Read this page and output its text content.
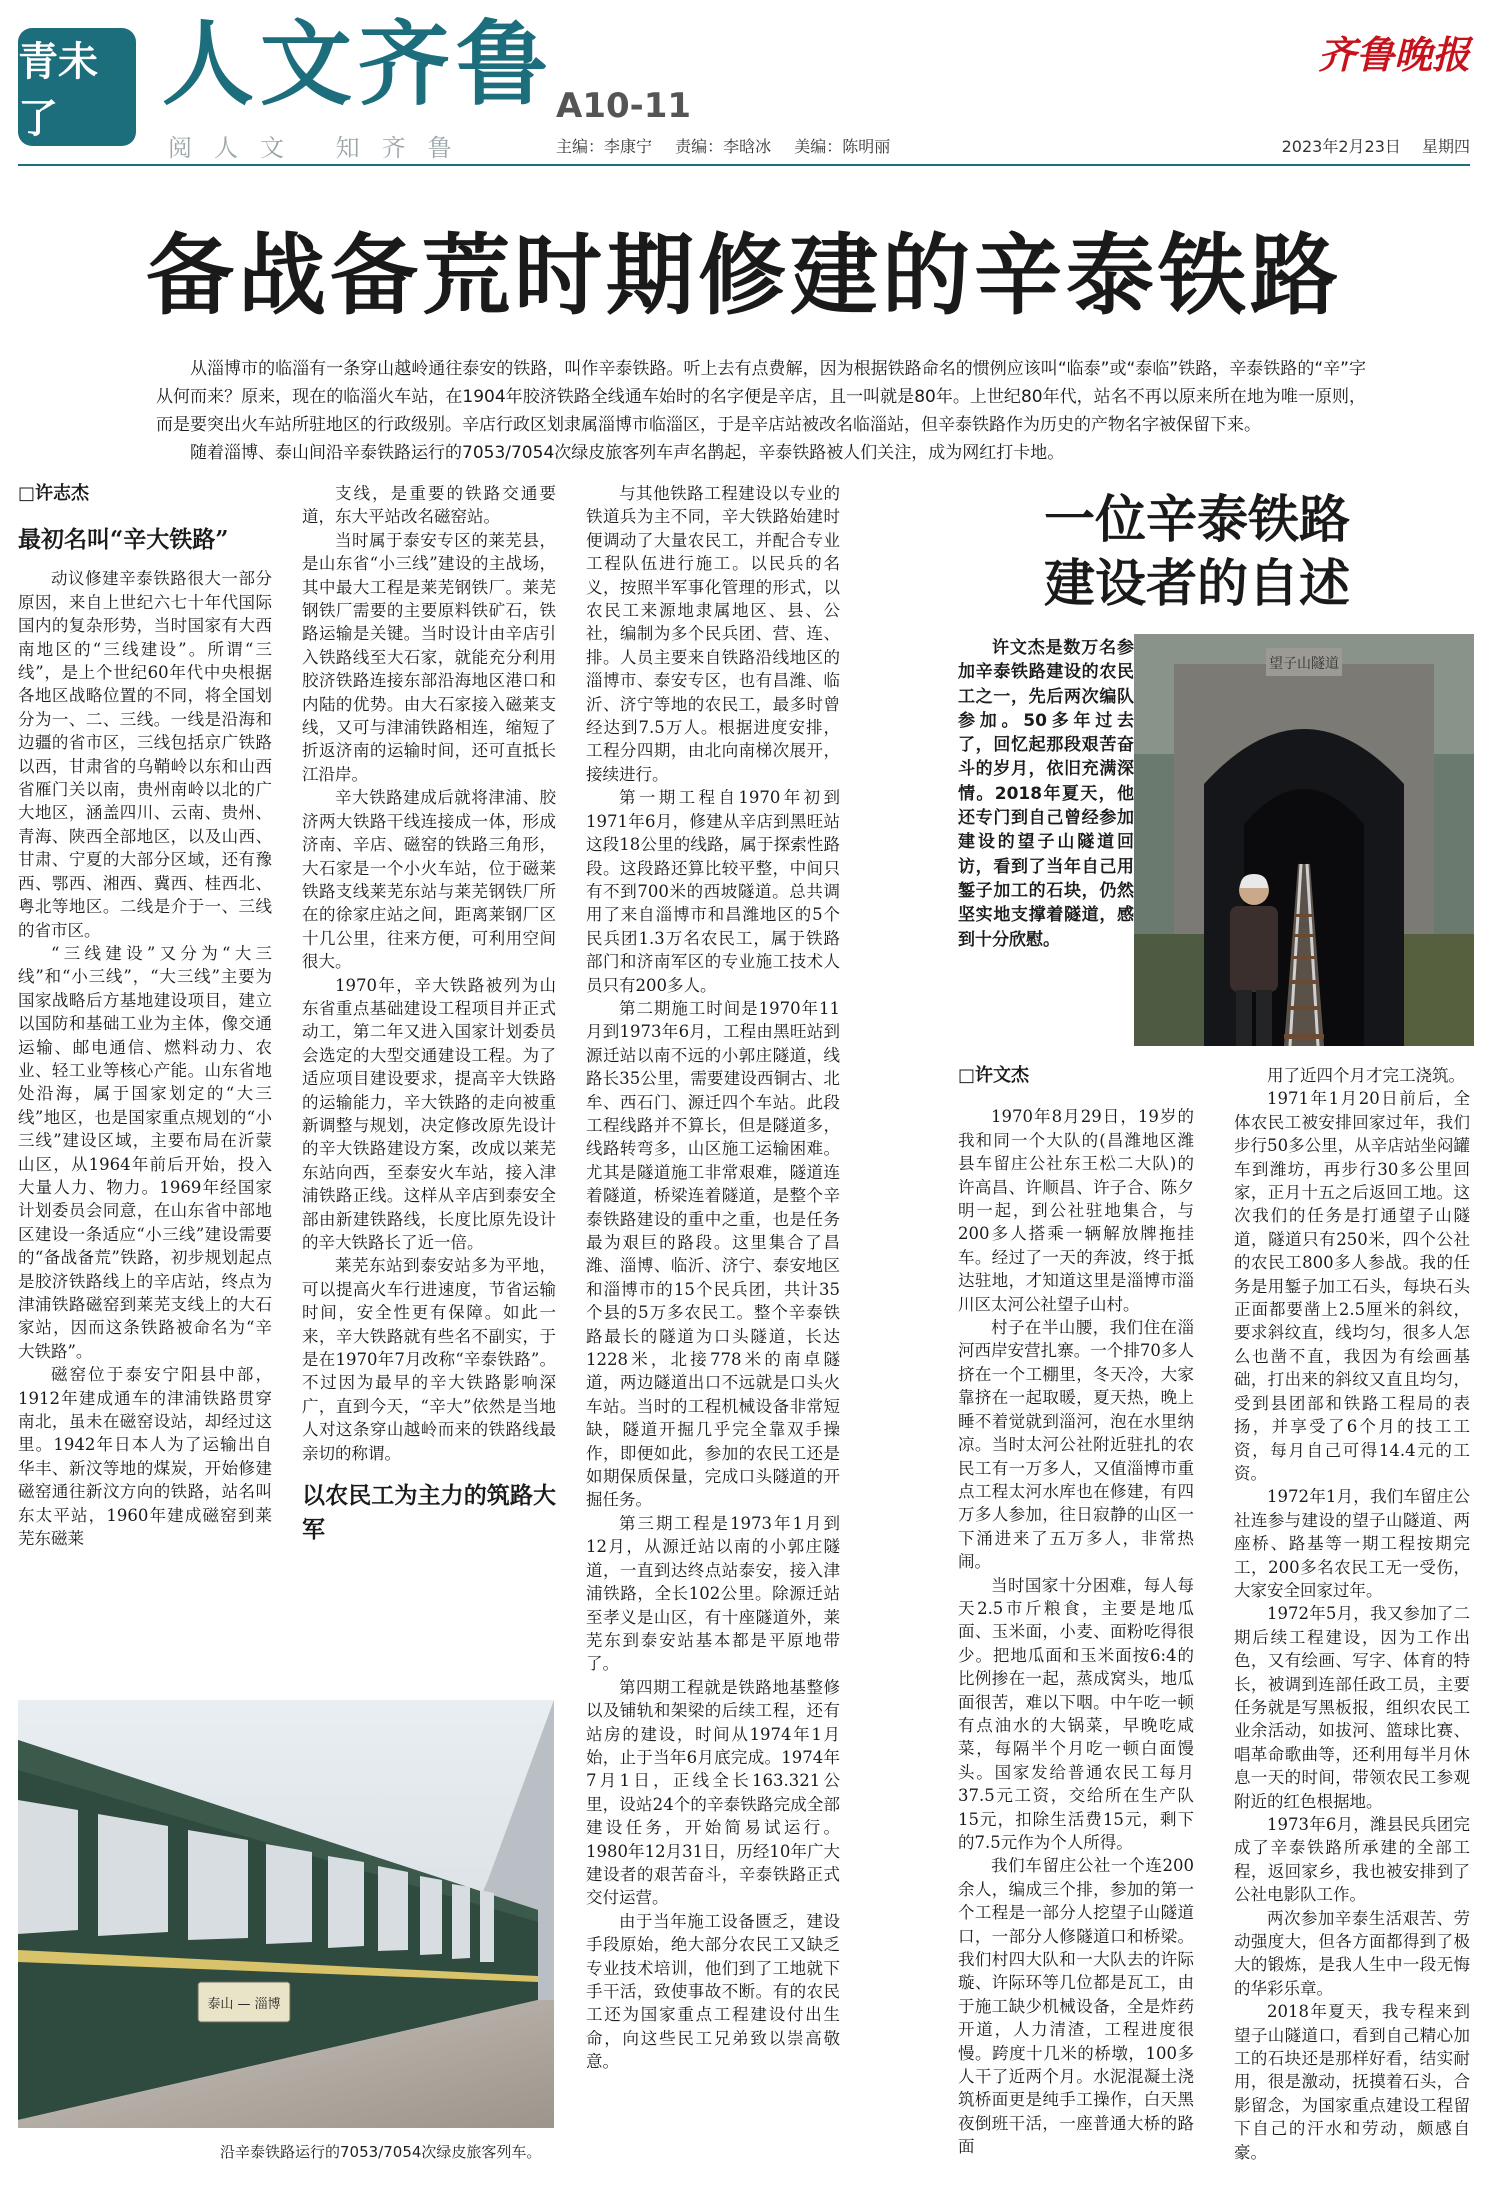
青未了
人文齐鲁
阅人文 知齐鲁
A10-11
主编：李康宁 责编：李晗冰 美编：陈明丽
齐鲁晚报
2023年2月23日 星期四
备战备荒时期修建的辛泰铁路

从淄博市的临淄有一条穿山越岭通往泰安的铁路，叫作辛泰铁路。听上去有点费解，因为根据铁路命名的惯例应该叫“临泰”或“泰临”铁路，辛泰铁路的“辛”字从何而来？原来，现在的临淄火车站，在1904年胶济铁路全线通车始时的名字便是辛店，且一叫就是80年。上世纪80年代，站名不再以原来所在地为唯一原则，而是要突出火车站所驻地区的行政级别。辛店行政区划隶属淄博市临淄区，于是辛店站被改名临淄站，但辛泰铁路作为历史的产物名字被保留下来。

随着淄博、泰山间沿辛泰铁路运行的7053/7054次绿皮旅客列车声名鹊起，辛泰铁路被人们关注，成为网红打卡地。

□许志杰
最初名叫“辛大铁路”

动议修建辛泰铁路很大一部分原因，来自上世纪六七十年代国际国内的复杂形势，当时国家有大西南地区的“三线建设”。所谓“三线”，是上个世纪60年代中央根据各地区战略位置的不同，将全国划分为一、二、三线。一线是沿海和边疆的省市区，三线包括京广铁路以西，甘肃省的乌鞘岭以东和山西省雁门关以南，贵州南岭以北的广大地区，涵盖四川、云南、贵州、青海、陕西全部地区，以及山西、甘肃、宁夏的大部分区域，还有豫西、鄂西、湘西、冀西、桂西北、粤北等地区。二线是介于一、三线的省市区。

“三线建设”又分为“大三线”和“小三线”，“大三线”主要为国家战略后方基地建设项目，建立以国防和基础工业为主体，像交通运输、邮电通信、燃料动力、农业、轻工业等核心产能。山东省地处沿海，属于国家划定的“大三线”地区，也是国家重点规划的“小三线”建设区域，主要布局在沂蒙山区，从1964年前后开始，投入大量人力、物力。1969年经国家计划委员会同意，在山东省中部地区建设一条适应“小三线”建设需要的“备战备荒”铁路，初步规划起点是胶济铁路线上的辛店站，终点为津浦铁路磁窑到莱芜支线上的大石家站，因而这条铁路被命名为“辛大铁路”。

磁窑位于泰安宁阳县中部，1912年建成通车的津浦铁路贯穿南北，虽未在磁窑设站，却经过这里。1942年日本人为了运输出自华丰、新汶等地的煤炭，开始修建磁窑通往新汶方向的铁路，站名叫东太平站，1960年建成磁窑到莱芜东磁莱

支线，是重要的铁路交通要道，东大平站改名磁窑站。

当时属于泰安专区的莱芜县，是山东省“小三线”建设的主战场，其中最大工程是莱芜钢铁厂。莱芜钢铁厂需要的主要原料铁矿石，铁路运输是关键。当时设计由辛店引入铁路线至大石家，就能充分利用胶济铁路连接东部沿海地区港口和内陆的优势。由大石家接入磁莱支线，又可与津浦铁路相连，缩短了折返济南的运输时间，还可直抵长江沿岸。

辛大铁路建成后就将津浦、胶济两大铁路干线连接成一体，形成济南、辛店、磁窑的铁路三角形，大石家是一个小火车站，位于磁莱铁路支线莱芜东站与莱芜钢铁厂所在的徐家庄站之间，距离莱钢厂区十几公里，往来方便，可利用空间很大。

1970年，辛大铁路被列为山东省重点基础建设工程项目并正式动工，第二年又进入国家计划委员会选定的大型交通建设工程。为了适应项目建设要求，提高辛大铁路的运输能力，辛大铁路的走向被重新调整与规划，决定修改原先设计的辛大铁路建设方案，改成以莱芜东站向西，至泰安火车站，接入津浦铁路正线。这样从辛店到泰安全部由新建铁路线，长度比原先设计的辛大铁路长了近一倍。

莱芜东站到泰安站多为平地，可以提高火车行进速度，节省运输时间，安全性更有保障。如此一来，辛大铁路就有些名不副实，于是在1970年7月改称“辛泰铁路”。不过因为最早的辛大铁路影响深广，直到今天，“辛大”依然是当地人对这条穿山越岭而来的铁路线最亲切的称谓。

以农民工为主力的筑路大军

与其他铁路工程建设以专业的铁道兵为主不同，辛大铁路始建时便调动了大量农民工，并配合专业工程队伍进行施工。以民兵的名义，按照半军事化管理的形式，以农民工来源地隶属地区、县、公社，编制为多个民兵团、营、连、排。人员主要来自铁路沿线地区的淄博市、泰安专区，也有昌潍、临沂、济宁等地的农民工，最多时曾经达到7.5万人。根据进度安排，工程分四期，由北向南梯次展开，接续进行。

第一期工程自1970年初到1971年6月，修建从辛店到黑旺站这段18公里的线路，属于探索性路段。这段路还算比较平整，中间只有不到700米的西坡隧道。总共调用了来自淄博市和昌潍地区的5个民兵团1.3万名农民工，属于铁路部门和济南军区的专业施工技术人员只有200多人。

第二期施工时间是1970年11月到1973年6月，工程由黑旺站到源迁站以南不远的小郭庄隧道，线路长35公里，需要建设西铜古、北牟、西石门、源迁四个车站。此段工程线路并不算长，但是隧道多，线路转弯多，山区施工运输困难。尤其是隧道施工非常艰难，隧道连着隧道，桥梁连着隧道，是整个辛泰铁路建设的重中之重，也是任务最为艰巨的路段。这里集合了昌潍、淄博、临沂、济宁、泰安地区和淄博市的15个民兵团，共计35个县的5万多农民工。整个辛泰铁路最长的隧道为口头隧道，长达1228米，北接778米的南卓隧道，两边隧道出口不远就是口头火车站。当时的工程机械设备非常短缺，隧道开掘几乎完全靠双手操作，即便如此，参加的农民工还是如期保质保量，完成口头隧道的开掘任务。

第三期工程是1973年1月到12月，从源迁站以南的小郭庄隧道，一直到达终点站泰安，接入津浦铁路，全长102公里。除源迁站至孝义是山区，有十座隧道外，莱芜东到泰安站基本都是平原地带了。

第四期工程就是铁路地基整修以及铺轨和架梁的后续工程，还有站房的建设，时间从1974年1月始，止于当年6月底完成。1974年7月1日，正线全长163.321公里，设站24个的辛泰铁路完成全部建设任务，开始简易试运行。1980年12月31日，历经10年广大建设者的艰苦奋斗，辛泰铁路正式交付运营。

由于当年施工设备匮乏，建设手段原始，绝大部分农民工又缺乏专业技术培训，他们到了工地就下手干活，致使事故不断。有的农民工还为国家重点工程建设付出生命，向这些民工兄弟致以崇高敬意。

泰山 — 淄博
沿辛泰铁路运行的7053/7054次绿皮旅客列车。
一位辛泰铁路
建设者的自述

许文杰是数万名参加辛泰铁路建设的农民工之一，先后两次编队参加。50多年过去了，回忆起那段艰苦奋斗的岁月，依旧充满深情。2018年夏天，他还专门到自己曾经参加建设的望子山隧道回访，看到了当年自己用錾子加工的石块，仍然坚实地支撑着隧道，感到十分欣慰。

望子山隧道
□许文杰

1970年8月29日，19岁的我和同一个大队的(昌潍地区潍县车留庄公社东王松二大队)的许高昌、许顺昌、许子合、陈夕明一起，到公社驻地集合，与200多人搭乘一辆解放牌拖挂车。经过了一天的奔波，终于抵达驻地，才知道这里是淄博市淄川区太河公社望子山村。

村子在半山腰，我们住在淄河西岸安营扎寨。一个排70多人挤在一个工棚里，冬天冷，大家靠挤在一起取暖，夏天热，晚上睡不着觉就到淄河，泡在水里纳凉。当时太河公社附近驻扎的农民工有一万多人，又值淄博市重点工程太河水库也在修建，有四万多人参加，往日寂静的山区一下涌进来了五万多人，非常热闹。

当时国家十分困难，每人每天2.5市斤粮食，主要是地瓜面、玉米面，小麦、面粉吃得很少。把地瓜面和玉米面按6:4的比例掺在一起，蒸成窝头，地瓜面很苦，难以下咽。中午吃一顿有点油水的大锅菜，早晚吃咸菜，每隔半个月吃一顿白面馒头。国家发给普通农民工每月37.5元工资，交给所在生产队15元，扣除生活费15元，剩下的7.5元作为个人所得。

我们车留庄公社一个连200余人，编成三个排，参加的第一个工程是一部分人挖望子山隧道口，一部分人修隧道口和桥梁。我们村四大队和一大队去的许际璇、许际环等几位都是瓦工，由于施工缺少机械设备，全是炸药开道，人力清渣，工程进度很慢。跨度十几米的桥墩，100多人干了近两个月。水泥混凝土浇筑桥面更是纯手工操作，白天黑夜倒班干活，一座普通大桥的路面

用了近四个月才完工浇筑。

1971年1月20日前后，全体农民工被安排回家过年，我们步行50多公里，从辛店站坐闷罐车到潍坊，再步行30多公里回家，正月十五之后返回工地。这次我们的任务是打通望子山隧道，隧道只有250米，四个公社的农民工800多人参战。我的任务是用錾子加工石头，每块石头正面都要凿上2.5厘米的斜纹，要求斜纹直，线均匀，很多人怎么也凿不直，我因为有绘画基础，打出来的斜纹又直且均匀，受到县团部和铁路工程局的表扬，并享受了6个月的技工工资，每月自己可得14.4元的工资。

1972年1月，我们车留庄公社连参与建设的望子山隧道、两座桥、路基等一期工程按期完工，200多名农民工无一受伤，大家安全回家过年。

1972年5月，我又参加了二期后续工程建设，因为工作出色，又有绘画、写字、体育的特长，被调到连部任政工员，主要任务就是写黑板报，组织农民工业余活动，如拔河、篮球比赛、唱革命歌曲等，还利用每半月休息一天的时间，带领农民工参观附近的红色根据地。

1973年6月，潍县民兵团完成了辛泰铁路所承建的全部工程，返回家乡，我也被安排到了公社电影队工作。

两次参加辛泰生活艰苦、劳动强度大，但各方面都得到了极大的锻炼，是我人生中一段无悔的华彩乐章。

2018年夏天，我专程来到望子山隧道口，看到自己精心加工的石块还是那样好看，结实耐用，很是激动，抚摸着石头，合影留念，为国家重点建设工程留下自己的汗水和劳动，颇感自豪。
